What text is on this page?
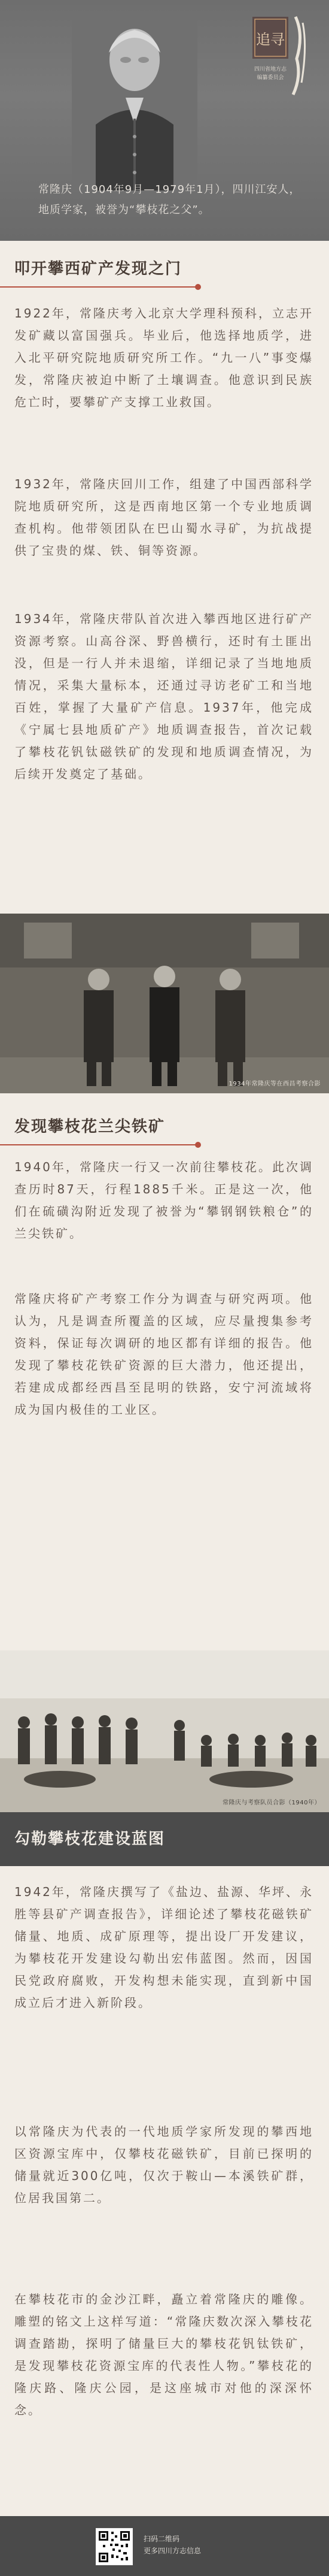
追寻
四川省地方志
编纂委员会
常隆庆（1904年9月—1979年1月），四川江安人，地质学家，被誉为“攀枝花之父”。
叩开攀西矿产发现之门

1922年，常隆庆考入北京大学理科预科，立志开发矿藏以富国强兵。毕业后，他选择地质学，进入北平研究院地质研究所工作。“九一八”事变爆发，常隆庆被迫中断了土壤调查。他意识到民族危亡时，要攀矿产支撑工业救国。

1932年，常隆庆回川工作，组建了中国西部科学院地质研究所，这是西南地区第一个专业地质调查机构。他带领团队在巴山蜀水寻矿，为抗战提供了宝贵的煤、铁、铜等资源。

1934年，常隆庆带队首次进入攀西地区进行矿产资源考察。山高谷深、野兽横行，还时有土匪出没，但是一行人并未退缩，详细记录了当地地质情况，采集大量标本，还通过寻访老矿工和当地百姓，掌握了大量矿产信息。1937年，他完成《宁属七县地质矿产》地质调查报告，首次记载了攀枝花钒钛磁铁矿的发现和地质调查情况，为后续开发奠定了基础。

1934年常隆庆等在西昌考察合影
发现攀枝花兰尖铁矿

1940年，常隆庆一行又一次前往攀枝花。此次调查历时87天，行程1885千米。正是这一次，他们在硫磺沟附近发现了被誉为“攀钢钢铁粮仓”的兰尖铁矿。

常隆庆将矿产考察工作分为调查与研究两项。他认为，凡是调查所覆盖的区域，应尽量搜集参考资料，保证每次调研的地区都有详细的报告。他发现了攀枝花铁矿资源的巨大潜力，他还提出，若建成成都经西昌至昆明的铁路，安宁河流域将成为国内极佳的工业区。

常隆庆与考察队员合影（1940年）
勾勒攀枝花建设蓝图

1942年，常隆庆撰写了《盐边、盐源、华坪、永胜等县矿产调查报告》，详细论述了攀枝花磁铁矿储量、地质、成矿原理等，提出设厂开发建议，为攀枝花开发建设勾勒出宏伟蓝图。然而，因国民党政府腐败，开发构想未能实现，直到新中国成立后才进入新阶段。

以常隆庆为代表的一代地质学家所发现的攀西地区资源宝库中，仅攀枝花磁铁矿，目前已探明的储量就近300亿吨，仅次于鞍山—本溪铁矿群，位居我国第二。

在攀枝花市的金沙江畔，矗立着常隆庆的雕像。雕塑的铭文上这样写道：“常隆庆数次深入攀枝花调查踏勘，探明了储量巨大的攀枝花钒钛铁矿，是发现攀枝花资源宝库的代表性人物。”攀枝花的隆庆路、隆庆公园，是这座城市对他的深深怀念。

扫码二维码
更多四川方志信息
